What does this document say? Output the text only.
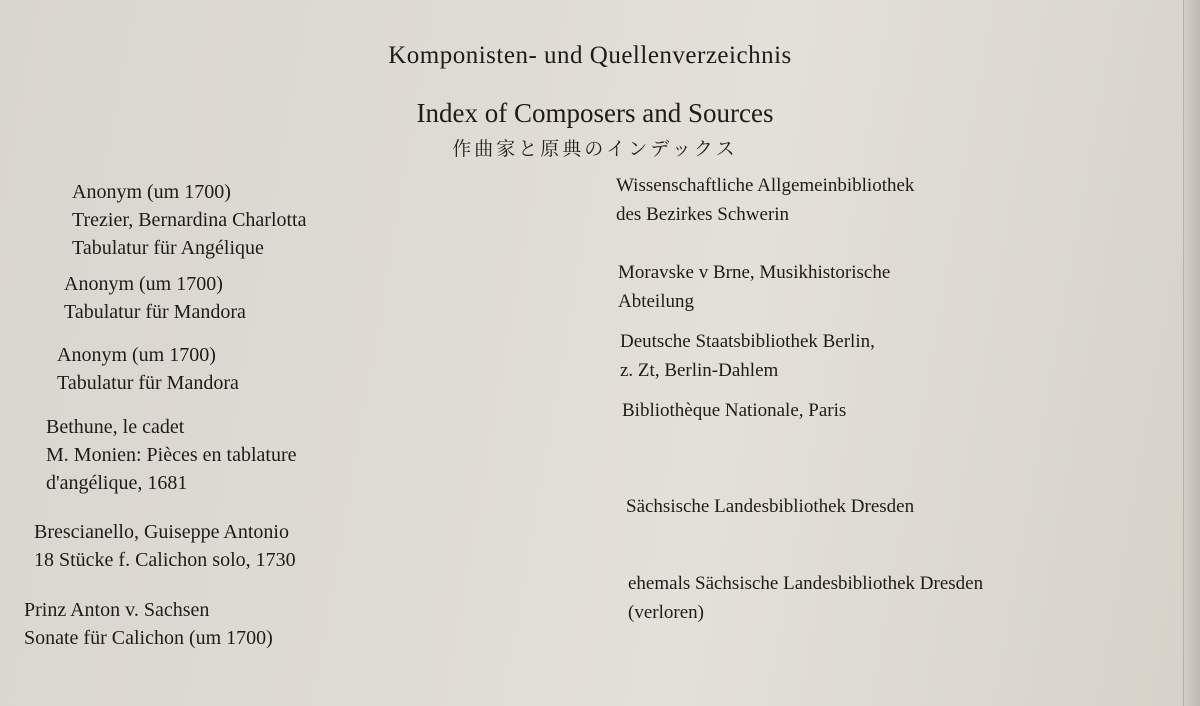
Komponisten- und Quellenverzeichnis
Index of Composers and Sources
作曲家と原典のインデックス
Anonym (um 1700)
Trezier, Bernardina Charlotta
Tabulatur für Angélique
Wissenschaftliche Allgemeinbibliothek
des Bezirkes Schwerin
Anonym (um 1700)
Tabulatur für Mandora
Moravske v Brne, Musikhistorische
Abteilung
Anonym (um 1700)
Tabulatur für Mandora
Deutsche Staatsbibliothek Berlin,
z. Zt, Berlin-Dahlem
Bethune, le cadet
M. Monien: Pièces en tablature
d'angélique, 1681
Bibliothèque Nationale, Paris
Brescianello, Guiseppe Antonio
18 Stücke f. Calichon solo, 1730
Sächsische Landesbibliothek Dresden
Prinz Anton v. Sachsen
Sonate für Calichon (um 1700)
ehemals Sächsische Landesbibliothek Dresden
(verloren)
